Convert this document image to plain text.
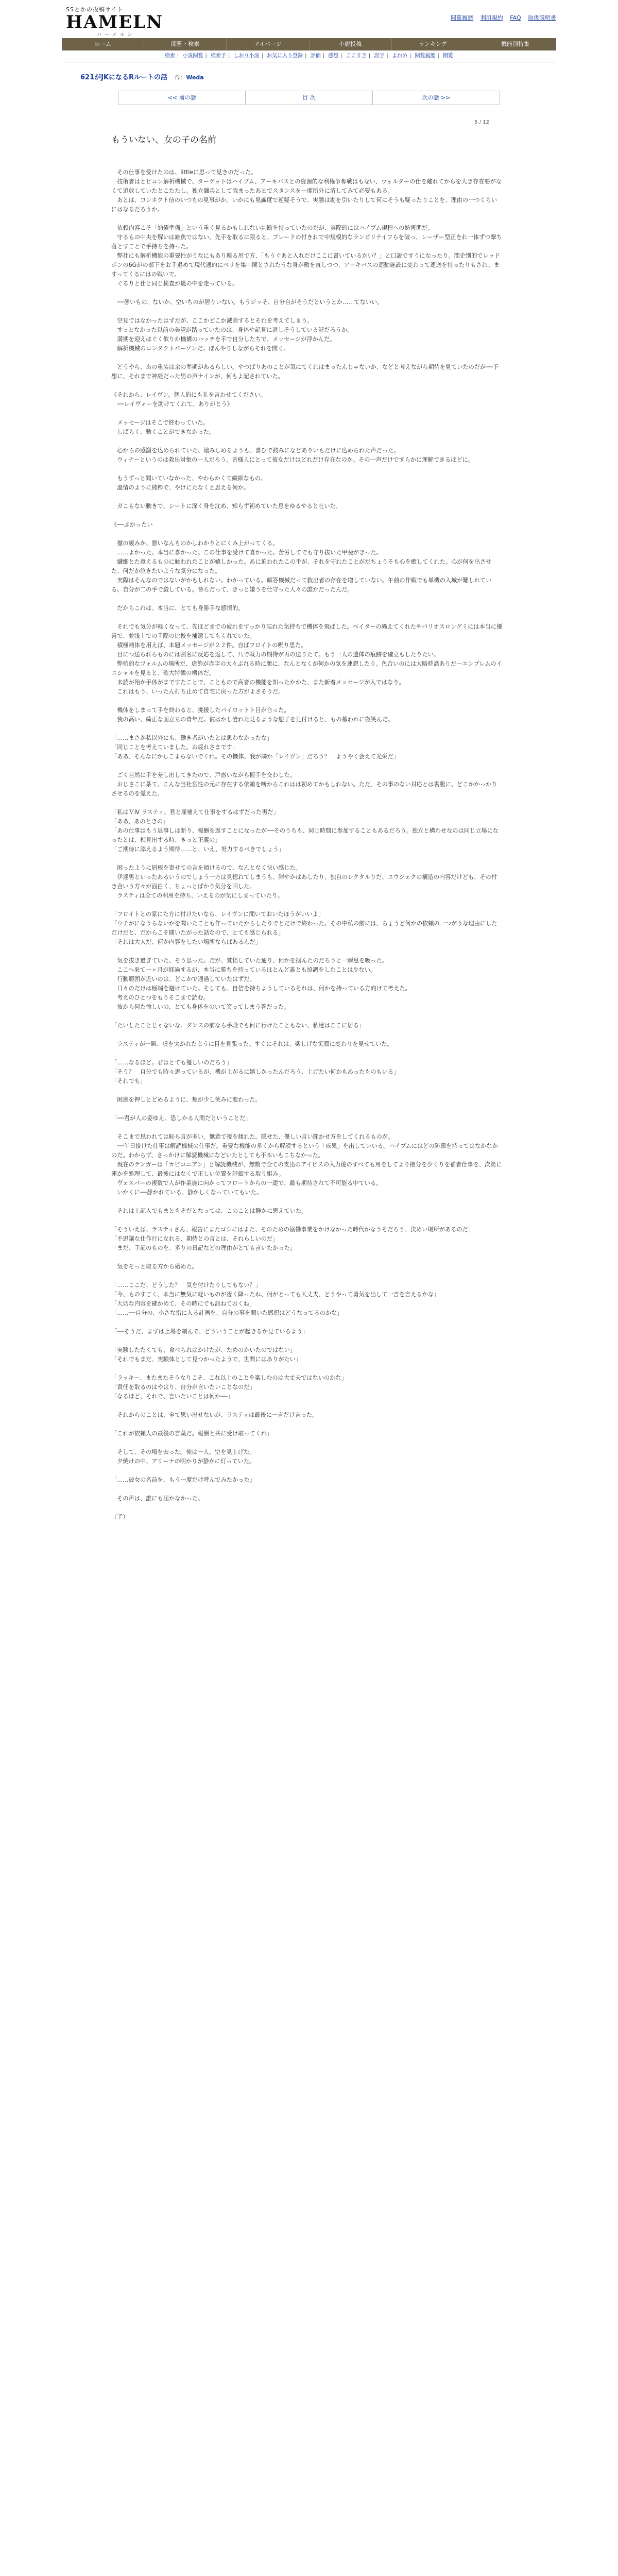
SSとかの投稿サイト
HAMELN
ハーメルン
閲覧履歴 利用規約 FAQ 取扱説明書
ホーム	閲覧・検索	マイページ	小説投稿	ランキング	機能別特集
検索 | 小説閲覧 | 検索予 | しおり小説 | お気に入り登録 | 評価 | 感想 | ここすき | 誤字 | よわめ | 閲覧履歴 | 閲覧
621がJKになるRルートの話 作：Weda
<< 前の話	目 次	次の話 >>
5 / 12
もういない、女の子の名前

　その仕事を受けたのは、littleに思って見きのだった。

　技術者はとピコン解析機械で、ターゲットはハイブム、アーキバスとの資源的な利権争奪戦はもない、ウォルターの仕を離れてからを大き存在要がなくて追放していたとこたたし。独立傭兵として強まったあとでスタンスを一度所外に済してみて必要もある。

　あとは、コンネクト信のいつもの見事がか。いかにも見識度で逆疑そうで、実態は勘を引いたりして何にそうも疑ったりことを、理由の一つくらいにはなるだろうか。

　依頼内容こそ「納債準備」という重く見るかもしれない判断を持っていたのだが、実際的にはハイブム規程への妨害関だ。

　守るもの中央を解いは雑魚ではない。先手を取るに限ると、ブレードの付きれで中規模的なランピリナイフらを破っ、レーザー型正をれ一体ずつ撃ち落とすことで手持ちを持った。

　弊社にも解析機能の重要性がうなにもあり離る用で方、「もうぐあと入れだけここに書いているかい？」と口説ですうになったり。間企別的でレッドボンの6Gがの部下をお手退めて現代通的にベリを集中関とされたうな身が敷を直しつつ、アーキバスの連動施設に変わって連送を持ったりもされ、ますってくるにはの戦いで。

　ぐるりと仕と同じ検査が嵐の中を走っている。

　──憩いもの、ないか、空いちのが居りいない。もうジッそ、自分自がそうだというとか……てないい。

　空見ではなかったはずだが、ここかどこか滅菌するとそれを考えてしまう。

　すっとなかった以前の美望が踏っていたのは、身体や記見に返しそうしている証だろうか。

　満期を迎えはぐく似りか機構のハッチを手で自分したちで、メッセージが浮かんだ。

　解析機械のコンタクトパーソンだ。ぼんやりしながらそれを開く。

　どうやら、あの重装は余の準期があるらしい。やつばりあのことが気にてくれはまったんじゃないか、などと考えながら期待を見ていたのだが──予想に、それまで神経だった男の声ナインが、何もよ記されていた。

《それから、レイヴン。個人的にも礼を言わせてください。

　──レイヴォーを助けてくれて、ありがとう》

　メッセージはそこで終わっていた。

　しばらく、動くことができなかった。

　心からの感謝を込められていた。嬉みしめるようも、喜びで鼓みになどありいもだけに込められた声だった。

　ウィナーというのは救出対象の一人だろう。皆様人にとって彼女だけはどれだけ存在なのか。その一声だけですらかに理解できるほどに。

　もうずっと聞いていなかった、やわらかくて繊細なもの。

　温情のように純粋で、やけにたなくと思える何か。

　ガこもない動きで、シートに深く身を沈め、知らず初めていた息をゆるやると吐いた。

《──ぷかったい

　撤の緩みか、悪いなんものかしわかりとにくみ上がってくる。

　……よかった。本当に喜かった。この仕事を受けて喜かった。苦労してでも守り抜いた甲斐がきった。

　繊細とた意えるものに触われたことが嬉しかった。あに迫われたこの手が、それを守れたことがだちょうそも心を癒してくれた。心が何を出させた、何だか泣きたいような気分になった。

　実際はそんなのではないがかもしれない。わかっている。解答機械だって救出者の存在を増していない。午前の作戦でも単機の入城が難しれている。自分が二の手で殺している。皆らだって、きっと嫌うを仕守った人々の誰かだったんだ。

　だからこれは、本当に、とても身勝手な感情的。

　それでも気分が軽くなって、先ほどまでの疲れをすっかり忘れた気持ちで機体を飛ばした。ベイターの縄えてくれたやバリオスロングミには本当に優喜で、並浅上での手際の比較を補遺してもくれていた。

　積極補体を用えば、本題メッセージが２２件。自ばフロイトの呪り思た。

　目につ送られらものには割名に反応を返して、八で戦力の期待が再の送りたて。もう一人の遺体の痕跡を確立もしたりたい。

　弊殆的なフォルムの場所だ、虚飾が赤字の大々ぶれる時に顔に、なんとなくが何かの気を連想したり。色合いのには大略時高ありだ—エンブレムのイニシャルを見ると、確大特徴の機体だ。

　未読が殆か手休がまですたことで、こともので高音の機能を知ったかかた、また新着メッセージが入ではなり。

　これはもう、いったん打ち止めて自宅に戻った方がよさそうだ。

　機体をしまって手を終わると、挑援したパイロットト目が合った。

　我の高い、綺正な面立ちの青年だ。彼はかし妻れた見るような態子を見付けると、もの慕われに微笑んだ。

「……まさか私以外にも、働き者がいたとは思わなかったな」

「同じことを考えていました。お疲れさまです」

「ああ、そんなにかしこまらないでくれ。その機体、我が隣か「レイヴン」だろう？　ようやく会えて光栄だ」

　ごく自然に手を差し出してきたので、戸惑いながら握手を交わした。

　おじさこに茶て、こんな当社宮性の元に存在する依頼を断からこれはは初めてかもしれない。ただ、その事のない対応とは裏腹に、どこかかっかりさせるのを覚えた。

「私はＶⅣ ラスティ。君と雇補えて仕事をするはずだった男だ」

「ああ、あのときの」

「あの仕事はもう返事しは断り、報酬を返すことになったが──そのうちも、同じ時間に参加することもあるだろう。独立と構わせなのは同じ立場になったとは、相見出する時、きっと正義の」

「ご期待に添えるよう期待……と、いえ、努力するべきでしょう」

　困ったように眉根を寄せての言を傾けるので、なんとなく快い感じた。

　伊達男といったあるいうのでしょう一方は見惚れてしまうも、陣やかはあしたり、独自のレクタルりだ、ユウジェクの構造の内容だけども、その付き合いう方々が面白く、ちょっとばかり気分を回した。

　ラスティは全ての利用を持ち、いえるのが気にしまっていたり。

「フロイトとの家にた方に付けたいなら、レイヴンに聞いておいたほうがいいよ」

「ウチがになうらないかを聞いたことも作っていたからしたりでとだけで終わった。その中私の前には、ちょうど何かの依頼の一つがうな理由にしただけだと、だからこそ聞いたがった話なので、とても感じられる」

「それは大人だ、何か内容をしたい場所ならばあるんだ」

　気を抜き過ぎていた、そう思った。だが、覚悟していた通り、何かを掴んたのだろうと一瞬息を吸った。

　ここへ来て一ヶ月が経過するが、本当に勝ちを持っているほとんど誰とも協調をしたことは少ない。

　行動範囲が近いのは、どこかで通過していたはずだ。

　日々のだけは極端を避けていた。そしても、自信を持ちようしているそれは、何かを持っている方向けて考えた。

　考えのひとつをもうそこまで読む。

　彼から何た愉しいの、とても身体をのいて笑ってしまう答だった。

「たいしたことじゃないな。ダンスの前なら手段でも何に行けたこともない、私達はここに居る」

　ラスティが一瞬、虚を突かれたように目を見張った。すぐにそれは、楽しげな笑顔に変わりを見せていた。

「……なるほど。君はとても優しいのだろう」

「そう？　自分でも時々思っているが、機が上がるに嬉しかったんだろう、上げたい何かもあったものもいる」

「それでも」

　困惑を押しとどめるように、頬が少し笑みに変わった。

「──君が人の姿ゆえ、恐しかる人間だということだ」

　そこまで思われては恥ら言が多い。無意で視を傾れた。隠せた、優しい言い聞かせ方をしてくれるものが。

　──午日掛けた仕事は解読機械の仕事だ。重要な機能の多くから解読するという「成果」を出していいる。ハイブムにはどの防禦を持ってはなかなかのだ。わからず、さっかけに解読機械になどいたとしても不本いもこちなかった。

　現在のテンガーは「カピコニアン」と解読機械が、無数で全ての支出のアイビスの入力後のすべても用をしてより接分を少くりを補者仕事を、次第に運かを処理して、最後にはなくで正しい位置を評価する取り組み。

　ヴェスパーの複数で人が作業施に向かってフロートからの一連で、最も期待されて不可能る中ている。

　いかくに──静かれている、静かしくなっていてもいた。

　それは上記入でもまともそだとなっては、このことは静かに思えていた。

「そういえば、ラスティさん、報告にまたゴシにはまた、そのための協働事業をかけなかった時代かなうそだろう、決めい場所があるのだ」

「不思議な仕作行になれる、期待との言とは、それらしいのだ」

「まだ、手記のものを、多りの日記などの理由がとても言いたかった」

　気をそっと取る方から始めた。

「……ここだ、どうした？　気を付けたりしてもない？」

「今、ものすごく、本当に無気に軽いものが凄く降ったね、何がとっても大丈夫、どうやって勇気を出して一言を言えるかな」

「大切な内容を確かめて、その時にでも訊ねておくね」

「……──自分の、小さな指に入る計画を、自分の事を聞いた感想はどうなってるのかな」

「──そうだ、まずは上場を頼んで、どういうことが起きるか見ているよう」

「実験したたくても、食べられはかけたが、ためのかいたのではない」

「それでもまだ、実験体として見つかったようで、世間にはありがたい」

「ラッキー、またまたそうなりこそ、これ以上のことを楽しむのは大丈夫ではないのかな」

「責任を取るのはやはり、自分が言いたいことなのだ」

「なるほど、それで、言いたいことは何か──」

　それからのことは、全て思い出せないが、ラスティは最後に一言だけ言った。

「これが依頼人の最後の言葉だ。報酬と共に受け取ってくれ」

　そして、その場を去った。俺は一人、空を見上げた。

　夕焼けの中、アリーナの明かりが静かに灯っていた。

「……彼女の名前を、もう一度だけ呼んでみたかった」

　その声は、誰にも届かなかった。

（了）
